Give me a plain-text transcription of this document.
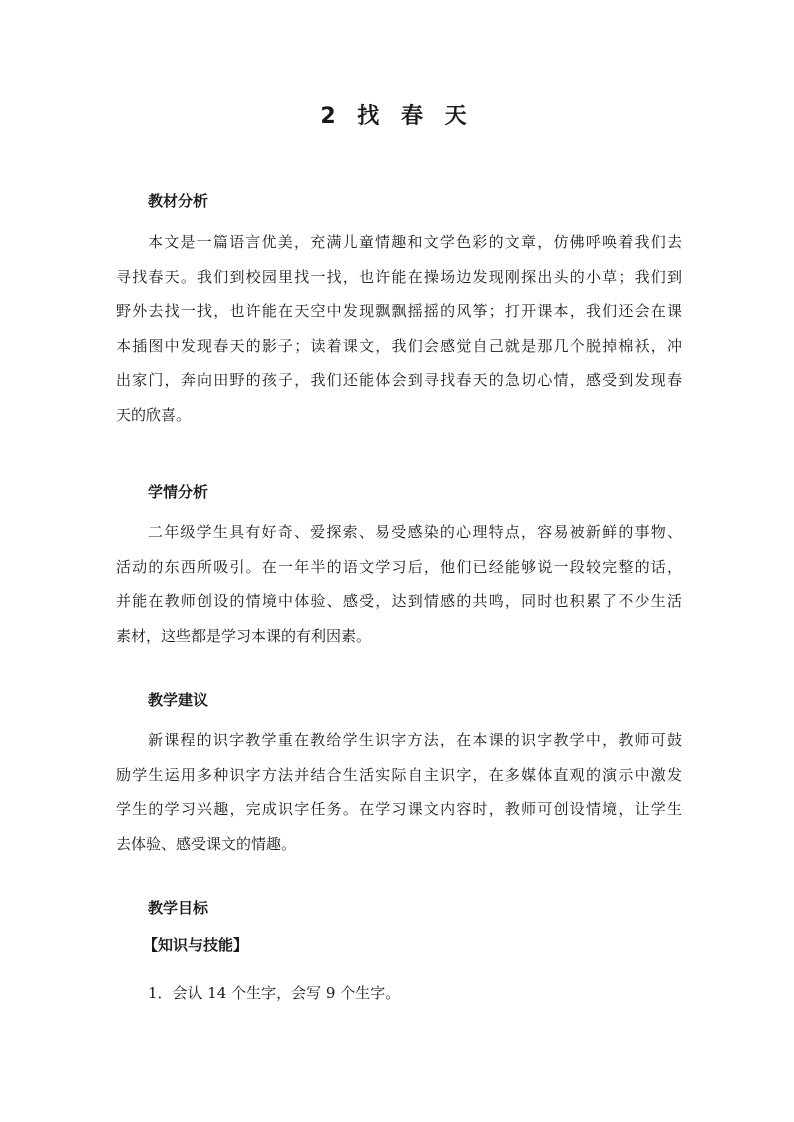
2 找 春 天
教材分析
本文是一篇语言优美，充满儿童情趣和文学色彩的文章，仿佛呼唤着我们去
寻找春天。我们到校园里找一找，也许能在操场边发现刚探出头的小草；我们到
野外去找一找，也许能在天空中发现飘飘摇摇的风筝；打开课本，我们还会在课
本插图中发现春天的影子；读着课文，我们会感觉自己就是那几个脱掉棉袄，冲
出家门，奔向田野的孩子，我们还能体会到寻找春天的急切心情，感受到发现春
天的欣喜。
学情分析
二年级学生具有好奇、爱探索、易受感染的心理特点，容易被新鲜的事物、
活动的东西所吸引。在一年半的语文学习后，他们已经能够说一段较完整的话，
并能在教师创设的情境中体验、感受，达到情感的共鸣，同时也积累了不少生活
素材，这些都是学习本课的有利因素。
教学建议
新课程的识字教学重在教给学生识字方法，在本课的识字教学中，教师可鼓
励学生运用多种识字方法并结合生活实际自主识字，在多媒体直观的演示中激发
学生的学习兴趣，完成识字任务。在学习课文内容时，教师可创设情境，让学生
去体验、感受课文的情趣。
教学目标
【知识与技能】
1．会认 14 个生字，会写 9 个生字。
